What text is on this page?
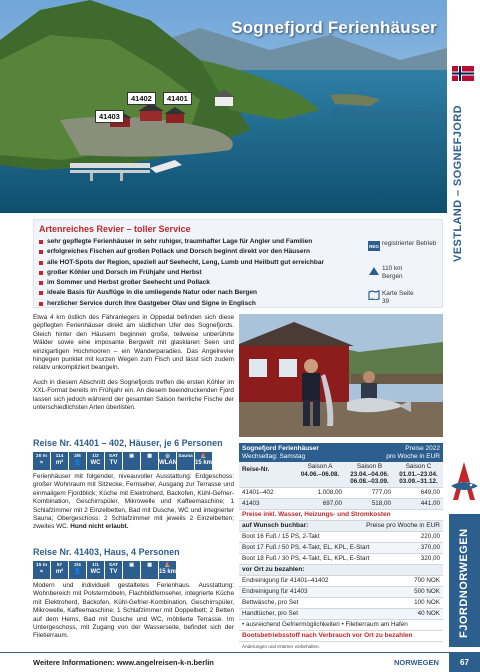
Sognefjord Ferienhäuser
41402	41401
41403	VESTLAND – SOGNEFJORD
FJORDNORWEGEN
Artenreiches Revier – toller Service
sehr gepflegte Ferienhäuser in sehr ruhiger, traumhafter Lage für Angler und Familien
erfolgreiches Fischen auf großen Pollack und Dorsch beginnt direkt vor den Häusern
alle HOT-Spots der Region, speziell auf Seehecht, Leng, Lumb und Heilbutt gut erreichbar
großer Köhler und Dorsch im Frühjahr und Herbst
im Sommer und Herbst großer Seehecht und Pollack
ideale Basis für Ausflüge in die umliegende Natur oder nach Bergen
herzlicher Service durch Ihre Gastgeber Olav und Signe in Englisch
REG registrierter Betrieb
110 km Bergen
Karte Seite 39

Etwa 4 km östlich des Fähranlegers in Oppedal befinden sich diese gepflegten Ferienhäuser direkt am südlichen Ufer des Sognefjords. Gleich hinter den Häusern beginnen große, teilweise unberührte Wälder sowie eine imposante Bergwelt mit glasklaren Seen und einzigartigen Hochmooren – ein Wanderparadies. Das Angelrevier hingegen punktet mit kurzen Wegen zum Fisch und lässt sich zudem relativ unkompliziert beangeln.

Auch in diesem Abschnitt des Sognefjords treffen die ersten Köhler im XXL-Format bereits im Frühjahr ein. An diesem beeindruckenden Fjord lassen sich jedoch während der gesamten Saison herrliche Fische der unterschiedlichsten Arten überlisten.

Reise Nr. 41401 – 402, Häuser, je 6 Personen
20 m
≈
114
m²
3/6
👤
1/2
WC
SAT
TV
▣	▦	◎
WLAN
Sauna	⛵
15 km
Ferienhäuser mit folgender, niveauvoller Ausstattung: Erdgeschoss: großer Wohnraum mit Sitzecke, Fernseher, Ausgang zur Terrasse und einmaligem Fjordblick; Küche mit Elektroherd, Backofen, Kühl-Gefrier-Kombination, Geschirrspüler, Mikrowelle und Kaffeemaschine; 1 Schlafzimmer mit 2 Einzelbetten, Bad mit Dusche, WC und integrierter Sauna; Obergeschoss: 2 Schlafzimmer mit jeweils 2 Einzelbetten; zweites WC. Hund nicht erlaubt.
Reise Nr. 41403, Haus, 4 Personen
15 m
≈
57
m²
2/4
👤
1/1
WC
SAT
TV
▣	▦	⛵
15 km
Modern und individuell gestaltetes Ferienhaus. Ausstattung: Wohnbereich mit Polstermöbeln, Flachbildfernseher, integrierte Küche mit Elektroherd, Backofen, Kühl-Gefrier-Kombination, Geschirrspüler, Mikrowelle, Kaffeemaschine; 1 Schlafzimmer mit Doppelbett; 2 Betten auf dem Hems, Bad mit Dusche und WC, möblierte Terrasse. Im Untergeschoss, mit Zugang von der Wasserseite, befindet sich der Filetierraum.
Sognefjord Ferienhäuser
Wechseltag: Samstag
Preise 2022
pro Woche in EUR
Reise-Nr.	Saison A
04.06.–06.08.
Saison B
23.04.–04.06. 06.08.–03.09.
Saison C
01.01.–23.04. 03.09.–31.12.
41401–402	1.008,00	777,00	649,00
41403	697,00	518,00	441,00
Preise inkl. Wasser, Heizungs- und Stromkosten
auf Wunsch buchbar:	Preise pro Woche in EUR
Boot 16 Fuß / 15 PS, 2-Takt	220,00
Boot 17 Fuß / 50 PS, 4-Takt, EL, KPL, E-Start	370,00
Boot 18 Fuß / 30 PS, 4-Takt, EL, KPL, E-Start	320,00
vor Ort zu bezahlen:
Endreinigung für 41401–41402	700 NOK
Endreinigung für 41403	500 NOK
Bettwäsche, pro Set	100 NOK
Handtücher, pro Set	40 NOK
• ausreichend Gefriermöglichkeiten • Filetierraum am Hafen
Bootsbetriebsstoff nach Verbrauch vor Ort zu bezahlen
Änderungen und Irrtümer vorbehalten.
Weitere Informationen: www.angelreisen-k-n.berlin	NORWEGEN	67
